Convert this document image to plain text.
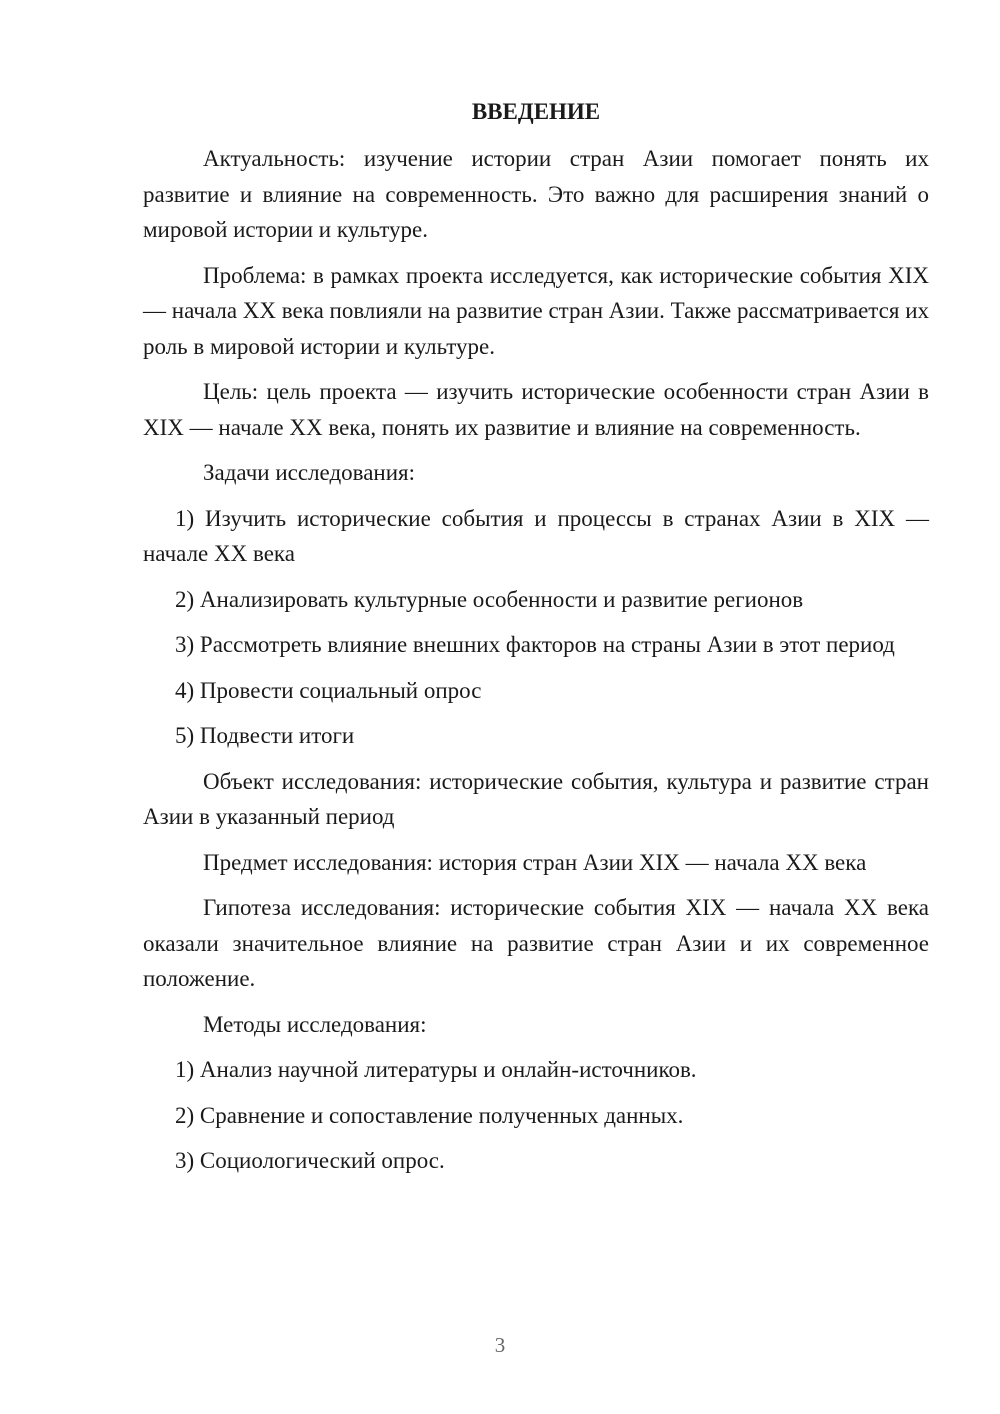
ВВЕДЕНИЕ

Актуальность: изучение истории стран Азии помогает понять их развитие и влияние на современность. Это важно для расширения знаний о мировой истории и культуре.

Проблема: в рамках проекта исследуется, как исторические события XIX — начала XX века повлияли на развитие стран Азии. Также рассматривается их роль в мировой истории и культуре.

Цель: цель проекта — изучить исторические особенности стран Азии в XIX — начале XX века, понять их развитие и влияние на современность.

Задачи исследования:

1) Изучить исторические события и процессы в странах Азии в XIX — начале XX века

2) Анализировать культурные особенности и развитие регионов

3) Рассмотреть влияние внешних факторов на страны Азии в этот период

4) Провести социальный опрос

5) Подвести итоги

Объект исследования: исторические события, культура и развитие стран Азии в указанный период

Предмет исследования: история стран Азии XIX — начала XX века

Гипотеза исследования: исторические события XIX — начала XX века оказали значительное влияние на развитие стран Азии и их современное положение.

Методы исследования:

1) Анализ научной литературы и онлайн-источников.

2) Сравнение и сопоставление полученных данных.

3) Социологический опрос.

3
